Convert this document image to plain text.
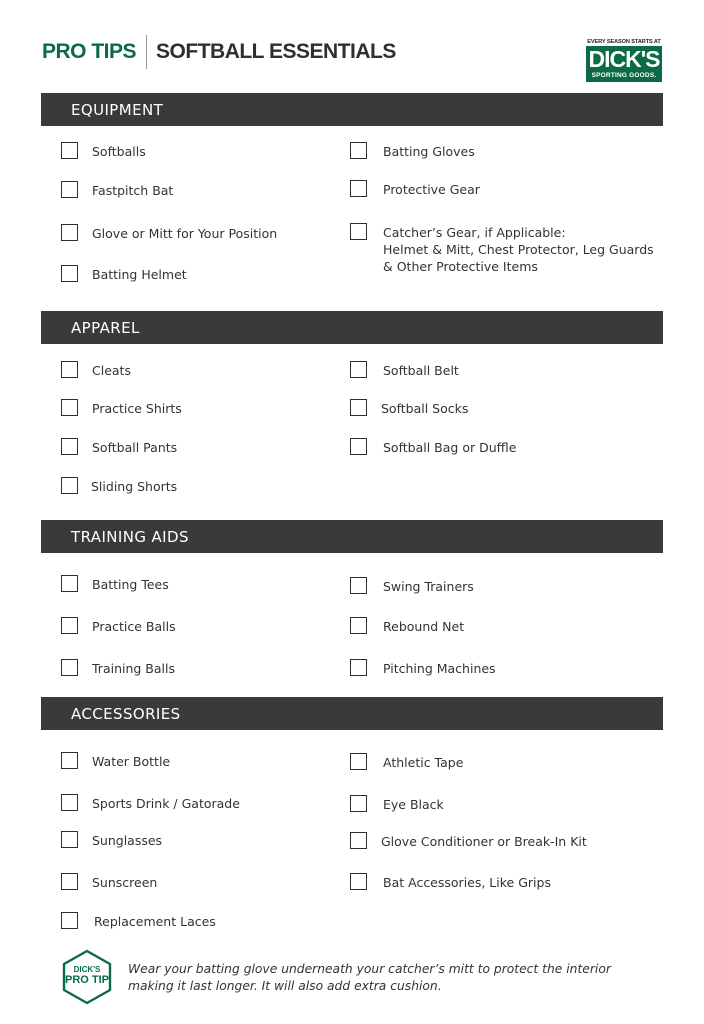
PRO TIPS SOFTBALL ESSENTIALS	EVERY SEASON STARTS AT
DICK'S
SPORTING GOODS.
EQUIPMENT
APPAREL
TRAINING AIDS
ACCESSORIES
Softballs	Batting Gloves
Fastpitch Bat	Protective Gear
Glove or Mitt for Your Position	Catcher’s Gear, if Applicable:
Helmet & Mitt, Chest Protector, Leg Guards
& Other Protective Items
Batting Helmet
Cleats	Softball Belt
Practice Shirts	Softball Socks
Softball Pants	Softball Bag or Duffle
Sliding Shorts
Batting Tees	Swing Trainers
Practice Balls	Rebound Net
Training Balls	Pitching Machines
Water Bottle	Athletic Tape
Sports Drink / Gatorade	Eye Black
Sunglasses	Glove Conditioner or Break-In Kit
Sunscreen	Bat Accessories, Like Grips
Replacement Laces
DICK'S
PRO TIP
Wear your batting glove underneath your catcher’s mitt to protect the interior
making it last longer. It will also add extra cushion.
